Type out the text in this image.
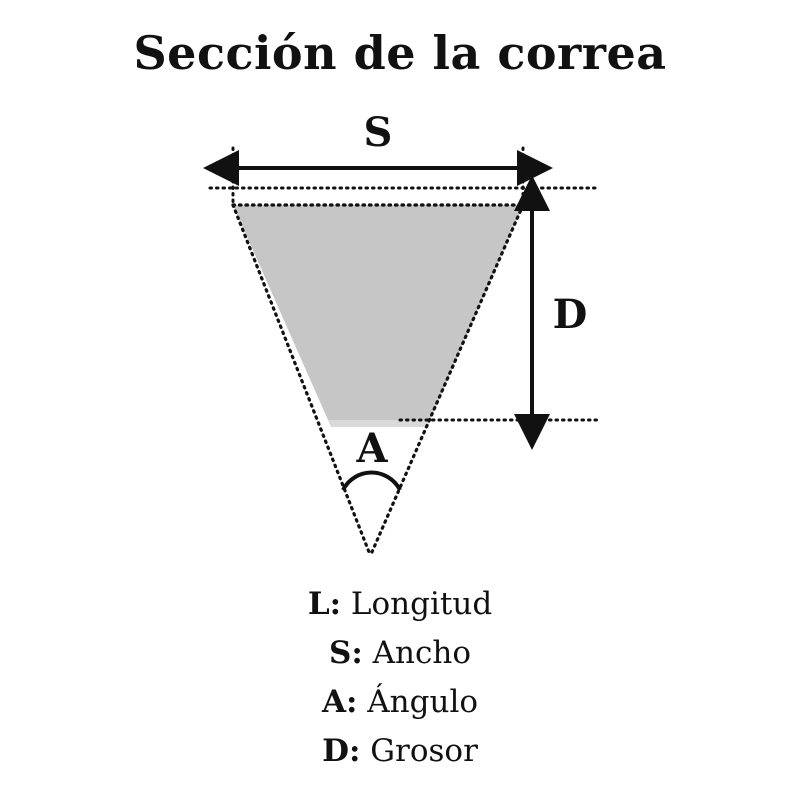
Sección de la correa
S
D
A
L: Longitud
S: Ancho
A: Ángulo
D: Grosor
